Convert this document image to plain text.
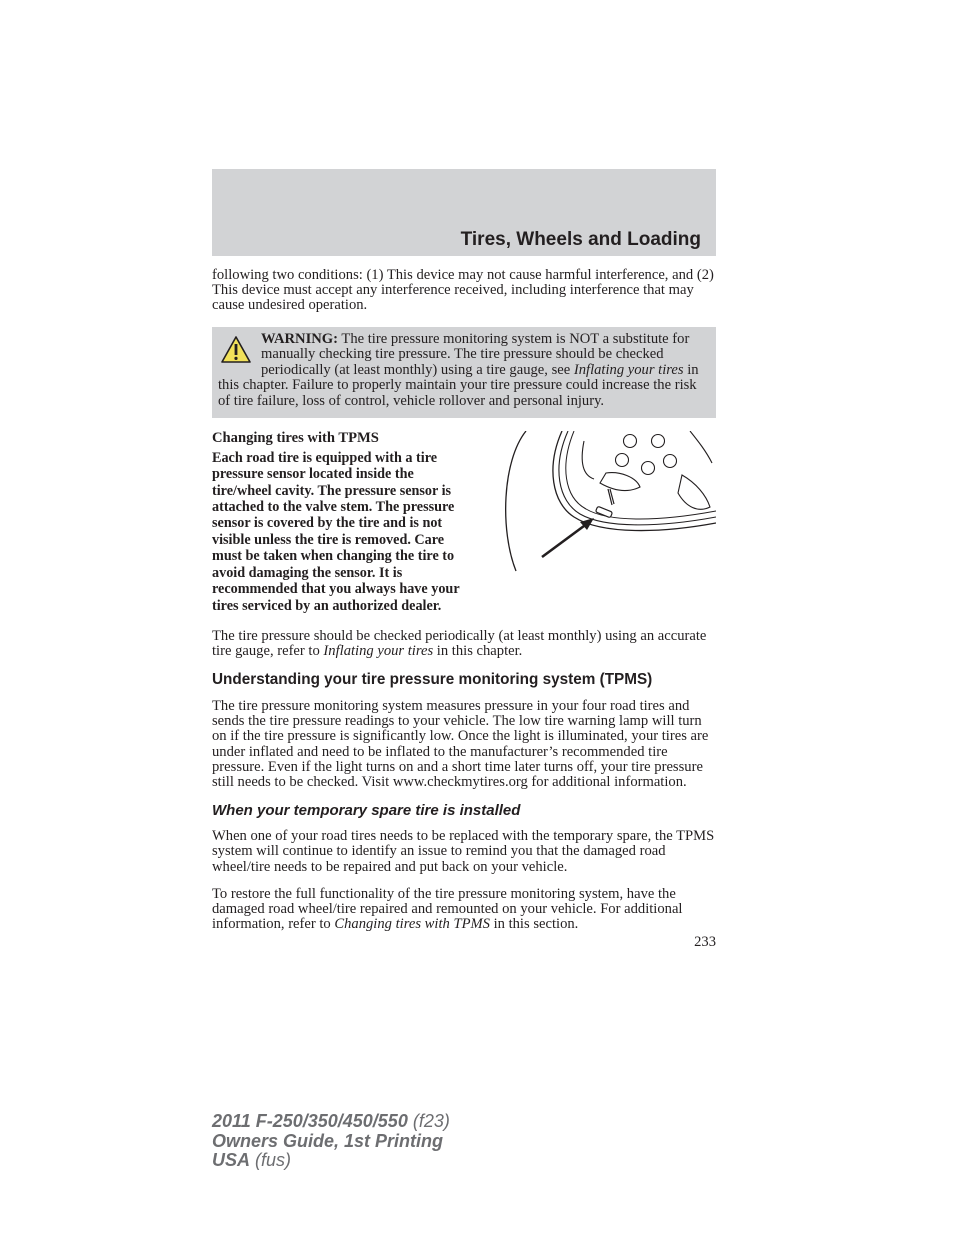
Tires, Wheels and Loading

following two conditions: (1) This device may not cause harmful interference, and (2) This device must accept any interference received, including interference that may cause undesired operation.

WARNING: The tire pressure monitoring system is NOT a substitute for manually checking tire pressure. The tire pressure should be checked periodically (at least monthly) using a tire gauge, see Inflating your tires in this chapter. Failure to properly maintain your tire pressure could increase the risk of tire failure, loss of control, vehicle rollover and personal injury.

Changing tires with TPMS

Each road tire is equipped with a tire pressure sensor located inside the tire/wheel cavity. The pressure sensor is attached to the valve stem. The pressure sensor is covered by the tire and is not visible unless the tire is removed. Care must be taken when changing the tire to avoid damaging the sensor. It is recommended that you always have your tires serviced by an authorized dealer.

The tire pressure should be checked periodically (at least monthly) using an accurate tire gauge, refer to Inflating your tires in this chapter.

Understanding your tire pressure monitoring system (TPMS)

The tire pressure monitoring system measures pressure in your four road tires and sends the tire pressure readings to your vehicle. The low tire warning lamp will turn on if the tire pressure is significantly low. Once the light is illuminated, your tires are under inflated and need to be inflated to the manufacturer’s recommended tire pressure. Even if the light turns on and a short time later turns off, your tire pressure still needs to be checked. Visit www.checkmytires.org for additional information.

When your temporary spare tire is installed

When one of your road tires needs to be replaced with the temporary spare, the TPMS system will continue to identify an issue to remind you that the damaged road wheel/tire needs to be repaired and put back on your vehicle.

To restore the full functionality of the tire pressure monitoring system, have the damaged road wheel/tire repaired and remounted on your vehicle. For additional information, refer to Changing tires with TPMS in this section.

233

2011 F-250/350/450/550 (f23)
Owners Guide, 1st Printing
USA (fus)
